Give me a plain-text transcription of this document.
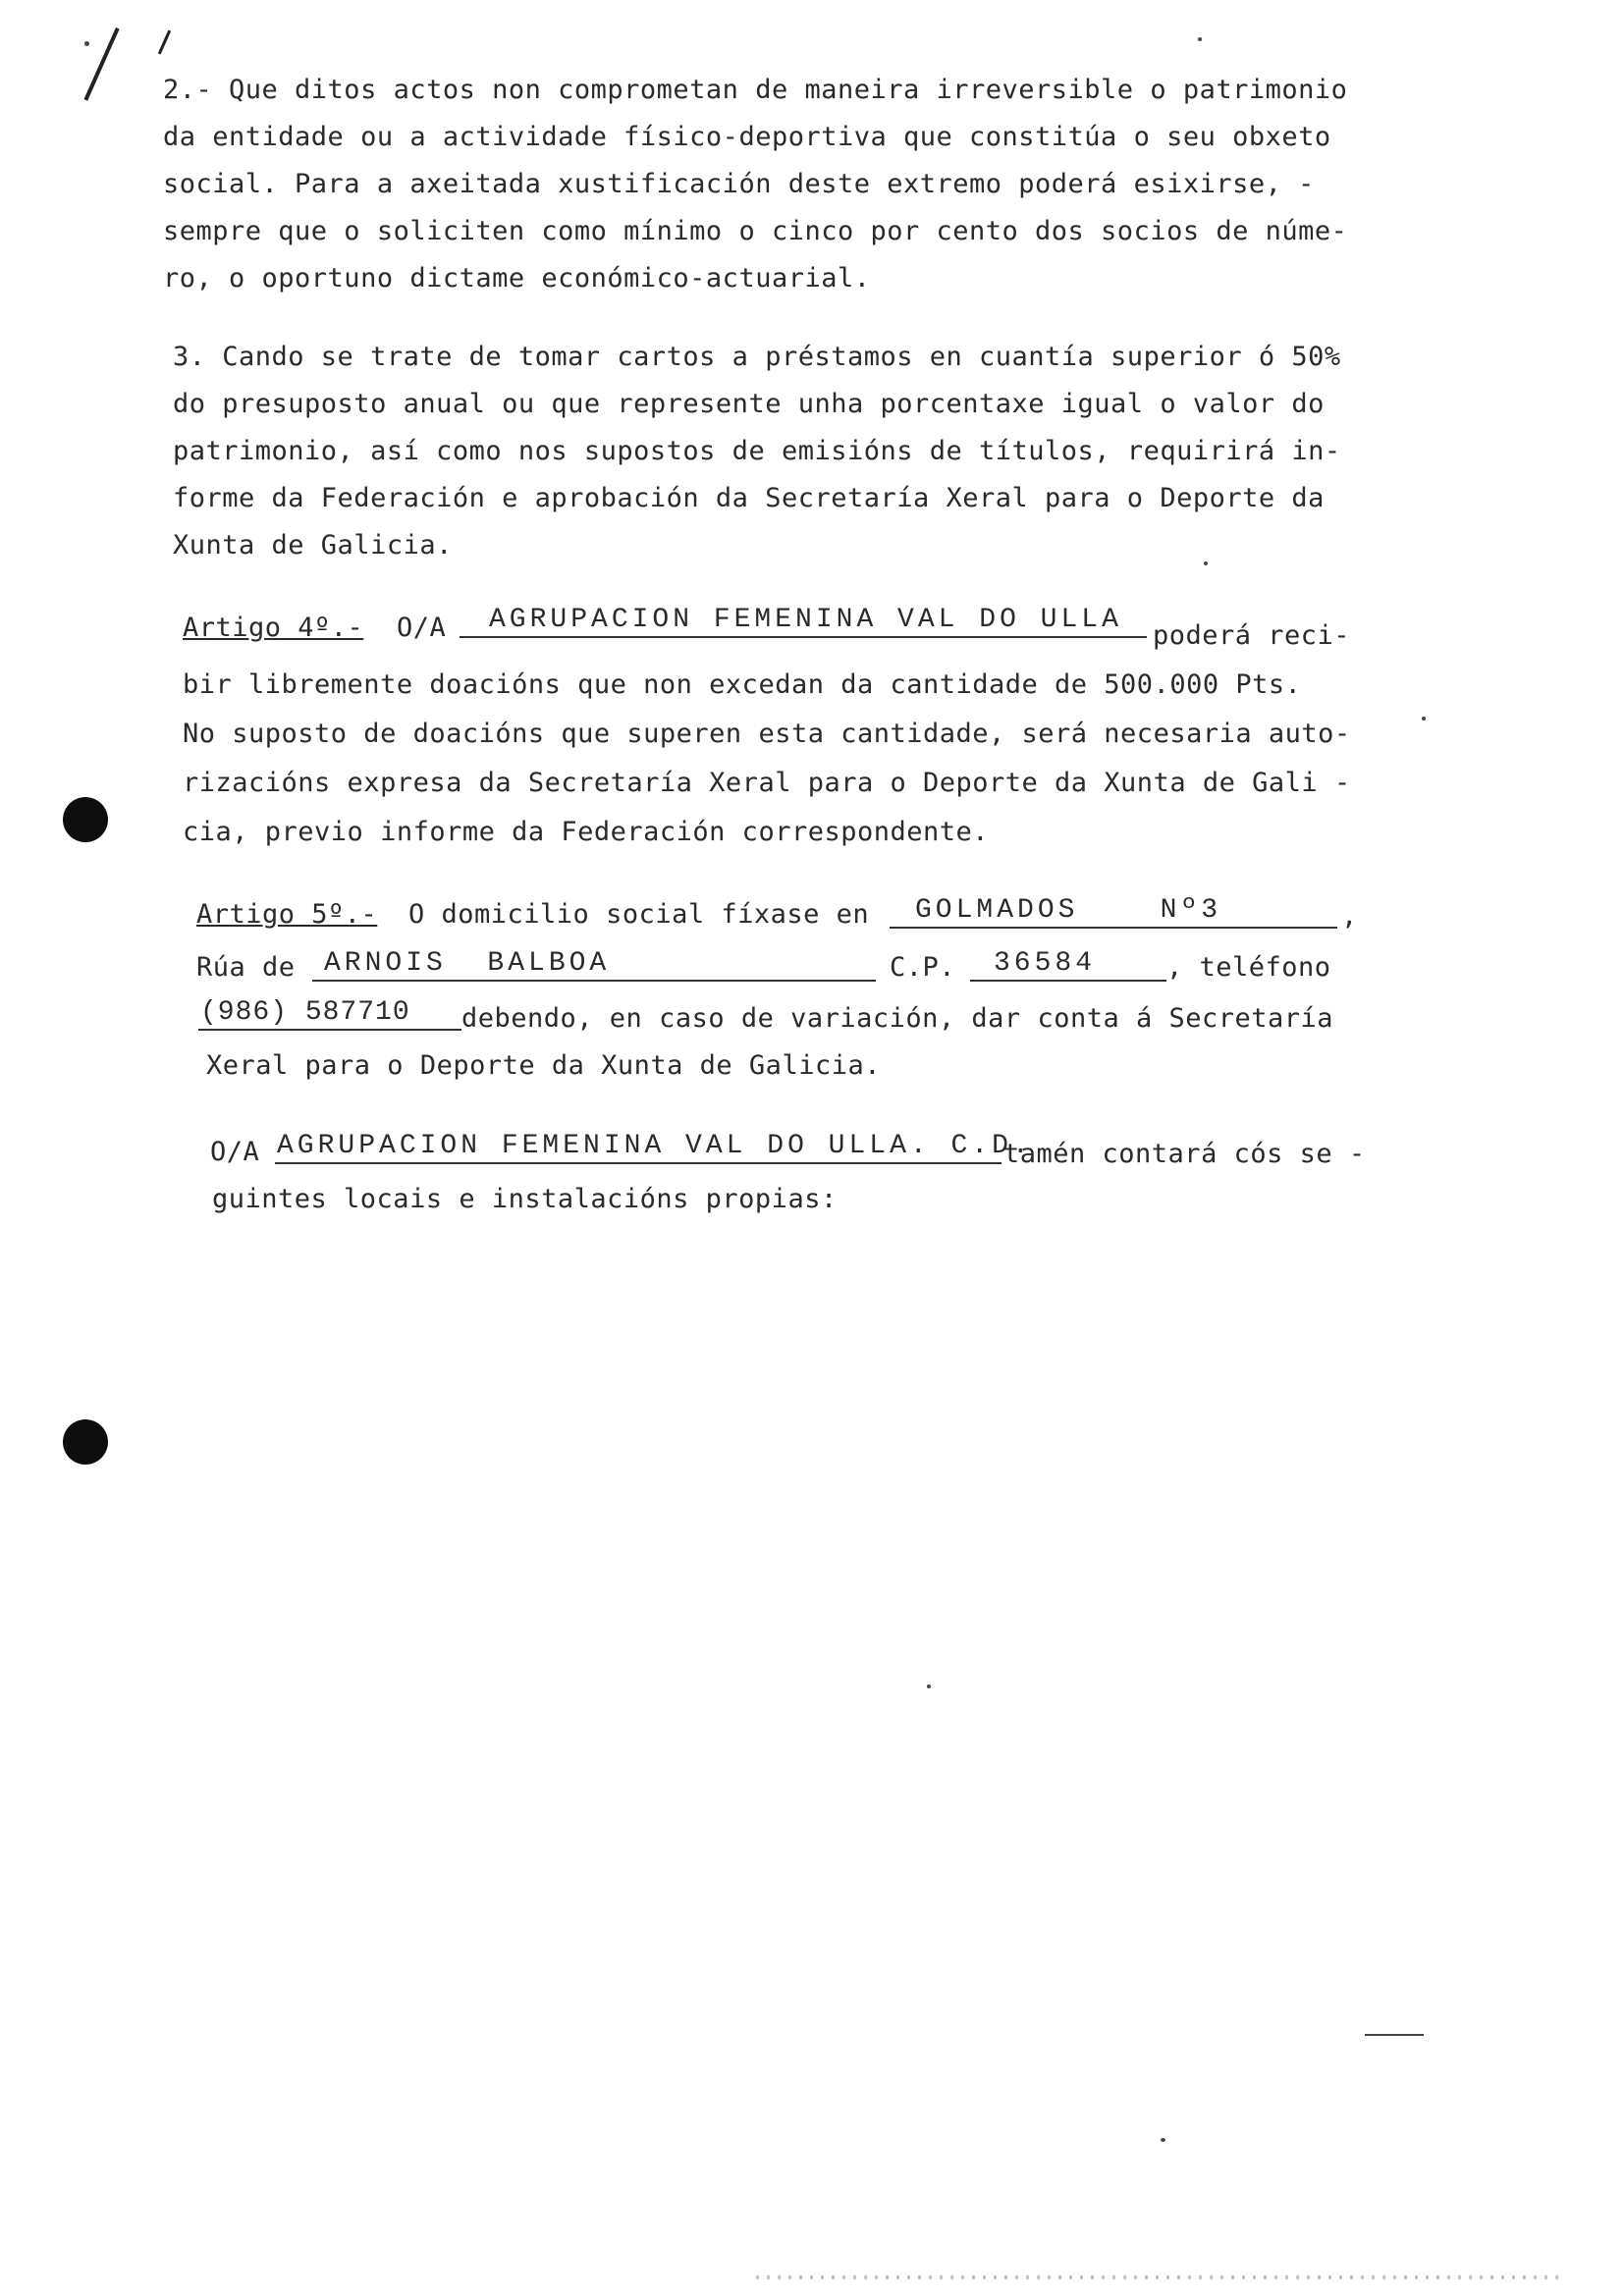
2.- Que ditos actos non comprometan de maneira irreversible o patrimonio
da entidade ou a actividade físico-deportiva que constitúa o seu obxeto
social. Para a axeitada xustificación deste extremo poderá esixirse, -
sempre que o soliciten como mínimo o cinco por cento dos socios de núme-
ro, o oportuno dictame económico-actuarial.
3. Cando se trate de tomar cartos a préstamos en cuantía superior ó 50%
do presuposto anual ou que represente unha porcentaxe igual o valor do
patrimonio, así como nos supostos de emisións de títulos, requirirá in-
forme da Federación e aprobación da Secretaría Xeral para o Deporte da
Xunta de Galicia.
Artigo 4º.- O/A	AGRUPACION FEMENINA VAL DO ULLA
poderá reci-
bir libremente doacións que non excedan da cantidade de 500.000 Pts.
No suposto de doacións que superen esta cantidade, será necesaria auto-
rizacións expresa da Secretaría Xeral para o Deporte da Xunta de Gali -
cia, previo informe da Federación correspondente.
Artigo 5º.- O domicilio social fíxase en	GOLMADOS    Nº3	,
Rúa de	ARNOIS  BALBOA	C.P.	36584	, teléfono
(986) 587710	debendo, en caso de variación, dar conta á Secretaría
Xeral para o Deporte da Xunta de Galicia.
O/A AGRUPACION FEMENINA VAL DO ULLA. C.D.
tamén contará cós se -
guintes locais e instalacións propias:
